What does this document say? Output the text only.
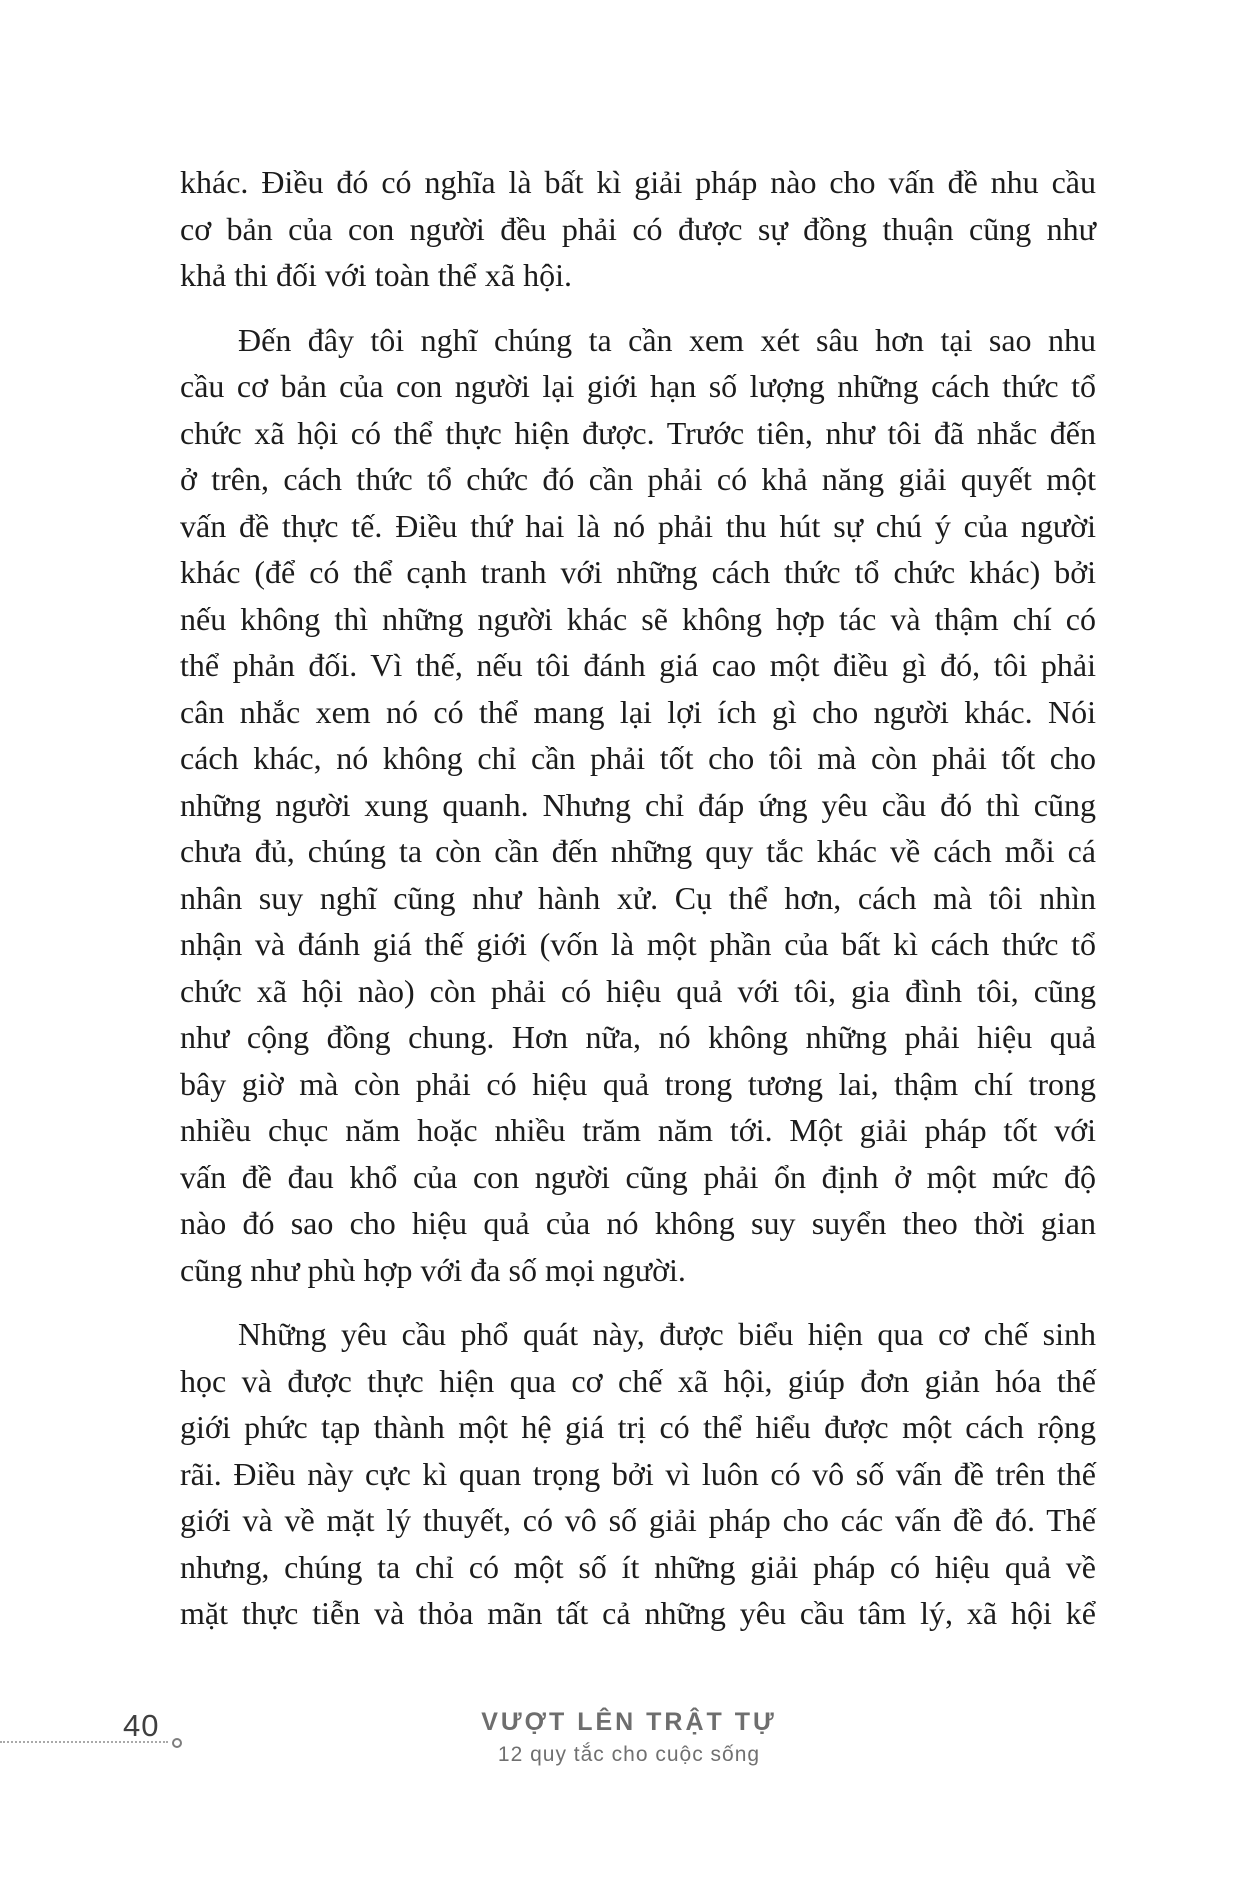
khác. Điều đó có nghĩa là bất kì giải pháp nào cho vấn đề nhu cầu
cơ bản của con người đều phải có được sự đồng thuận cũng như
khả thi đối với toàn thể xã hội.
Đến đây tôi nghĩ chúng ta cần xem xét sâu hơn tại sao nhu
cầu cơ bản của con người lại giới hạn số lượng những cách thức tổ
chức xã hội có thể thực hiện được. Trước tiên, như tôi đã nhắc đến
ở trên, cách thức tổ chức đó cần phải có khả năng giải quyết một
vấn đề thực tế. Điều thứ hai là nó phải thu hút sự chú ý của người
khác (để có thể cạnh tranh với những cách thức tổ chức khác) bởi
nếu không thì những người khác sẽ không hợp tác và thậm chí có
thể phản đối. Vì thế, nếu tôi đánh giá cao một điều gì đó, tôi phải
cân nhắc xem nó có thể mang lại lợi ích gì cho người khác. Nói
cách khác, nó không chỉ cần phải tốt cho tôi mà còn phải tốt cho
những người xung quanh. Nhưng chỉ đáp ứng yêu cầu đó thì cũng
chưa đủ, chúng ta còn cần đến những quy tắc khác về cách mỗi cá
nhân suy nghĩ cũng như hành xử. Cụ thể hơn, cách mà tôi nhìn
nhận và đánh giá thế giới (vốn là một phần của bất kì cách thức tổ
chức xã hội nào) còn phải có hiệu quả với tôi, gia đình tôi, cũng
như cộng đồng chung. Hơn nữa, nó không những phải hiệu quả
bây giờ mà còn phải có hiệu quả trong tương lai, thậm chí trong
nhiều chục năm hoặc nhiều trăm năm tới. Một giải pháp tốt với
vấn đề đau khổ của con người cũng phải ổn định ở một mức độ
nào đó sao cho hiệu quả của nó không suy suyển theo thời gian
cũng như phù hợp với đa số mọi người.
Những yêu cầu phổ quát này, được biểu hiện qua cơ chế sinh
học và được thực hiện qua cơ chế xã hội, giúp đơn giản hóa thế
giới phức tạp thành một hệ giá trị có thể hiểu được một cách rộng
rãi. Điều này cực kì quan trọng bởi vì luôn có vô số vấn đề trên thế
giới và về mặt lý thuyết, có vô số giải pháp cho các vấn đề đó. Thế
nhưng, chúng ta chỉ có một số ít những giải pháp có hiệu quả về
mặt thực tiễn và thỏa mãn tất cả những yêu cầu tâm lý, xã hội kể
40	VƯỢT LÊN TRẬT TỰ
12 quy tắc cho cuộc sống
